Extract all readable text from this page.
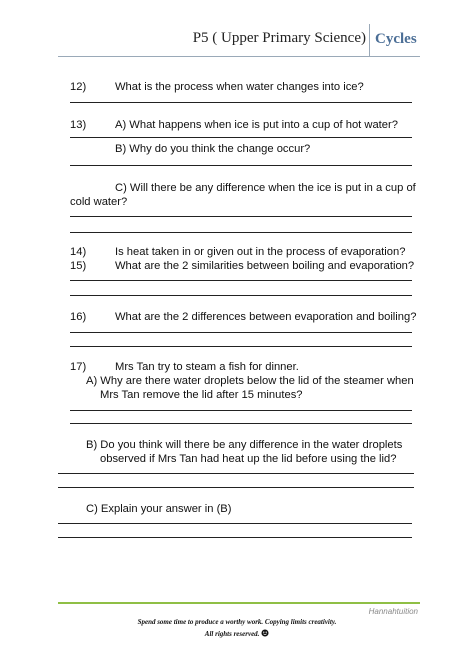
P5 ( Upper Primary Science) Cycles
12)	What is the process when water changes into ice?
13)	A) What happens when ice is put into a cup of hot water?
B) Why do you think the change occur?
C) Will there be any difference when the ice is put in a cup of
cold water?
14)	Is heat taken in or given out in the process of evaporation?
15)	What are the 2 similarities between boiling and evaporation?
16)	What are the 2 differences between evaporation and boiling?
17)	Mrs Tan try to steam a fish for dinner.
A) Why are there water droplets below the lid of the steamer when
Mrs Tan remove the lid after 15 minutes?
B) Do you think will there be any difference in the water droplets
observed if Mrs Tan had heat up the lid before using the lid?
C) Explain your answer in (B)
Hannahtuition
Spend some time to produce a worthy work. Copying limits creativity.
All rights reserved.
